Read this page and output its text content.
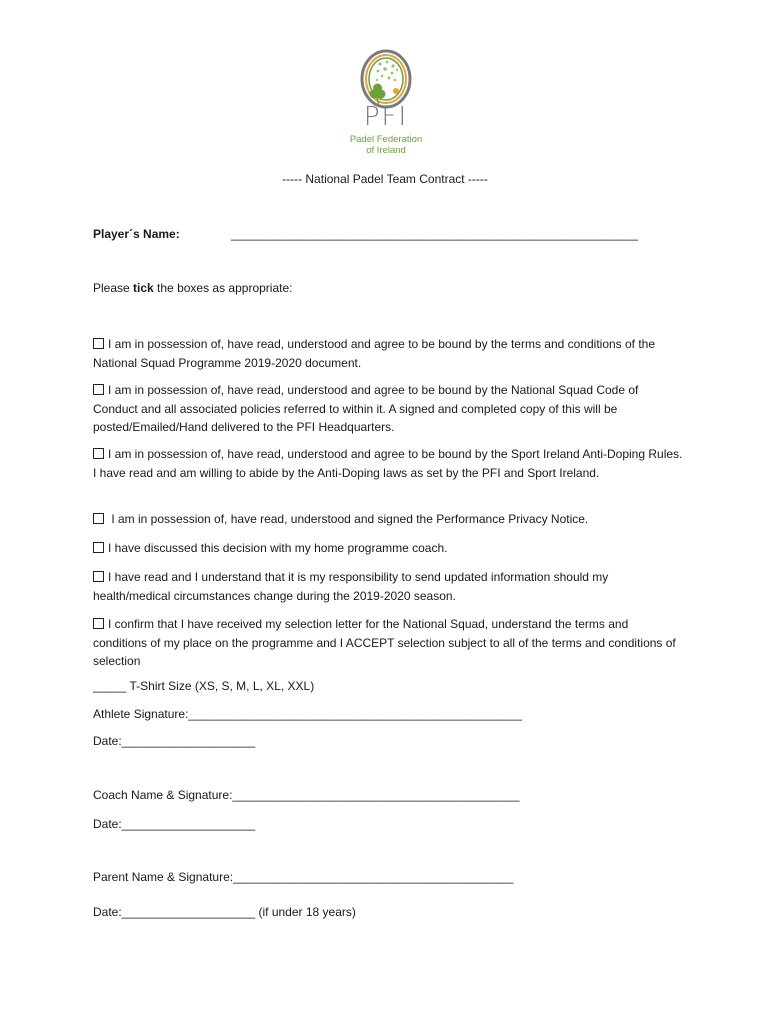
PFI
Padel Federation
of Ireland
----- National Padel Team Contract -----
Player´s Name:	_____________________________________________________________
Please tick the boxes as appropriate:
I am in possession of, have read, understood and agree to be bound by the terms and conditions of the National Squad Programme 2019-2020 document.
I am in possession of, have read, understood and agree to be bound by the National Squad Code of Conduct and all associated policies referred to within it. A signed and completed copy of this will be posted/Emailed/Hand delivered to the PFI Headquarters.
I am in possession of, have read, understood and agree to be bound by the Sport Ireland Anti-Doping Rules. I have read and am willing to abide by the Anti-Doping laws as set by the PFI and Sport Ireland.
I am in possession of, have read, understood and signed the Performance Privacy Notice.
I have discussed this decision with my home programme coach.
I have read and I understand that it is my responsibility to send updated information should my health/medical circumstances change during the 2019-2020 season.
I confirm that I have received my selection letter for the National Squad, understand the terms and conditions of my place on the programme and I ACCEPT selection subject to all of the terms and conditions of selection
_____ T-Shirt Size (XS, S, M, L, XL, XXL)
Athlete Signature:__________________________________________________
Date:____________________
Coach Name & Signature:___________________________________________
Date:____________________
Parent Name & Signature:__________________________________________
Date:____________________ (if under 18 years)
